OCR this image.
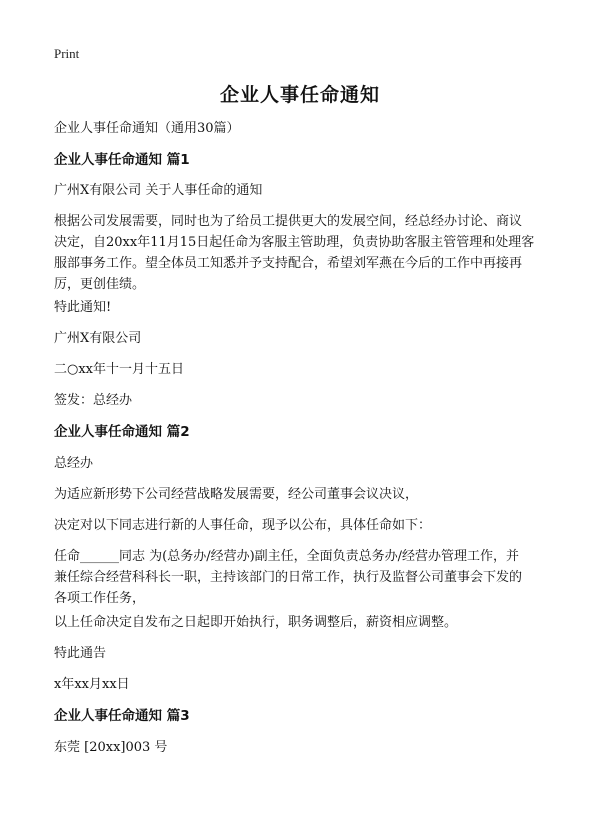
Print
企业人事任命通知
企业人事任命通知（通用30篇）
企业人事任命通知 篇1
广州X有限公司 关于人事任命的通知
根据公司发展需要，同时也为了给员工提供更大的发展空间，经总经办讨论、商议
决定，自20xx年11月15日起任命为客服主管助理，负责协助客服主管管理和处理客
服部事务工作。望全体员工知悉并予支持配合，希望刘军燕在今后的工作中再接再
厉，更创佳绩。
特此通知!
广州X有限公司
二○xx年十一月十五日
签发：总经办
企业人事任命通知 篇2
总经办
为适应新形势下公司经营战略发展需要，经公司董事会议决议，
决定对以下同志进行新的人事任命，现予以公布，具体任命如下：
任命______同志 为(总务办/经营办)副主任，全面负责总务办/经营办管理工作，并
兼任综合经营科科长一职，主持该部门的日常工作，执行及监督公司董事会下发的
各项工作任务，
以上任命决定自发布之日起即开始执行，职务调整后，薪资相应调整。
特此通告
x年xx月xx日
企业人事任命通知 篇3
东莞 [20xx]003 号
